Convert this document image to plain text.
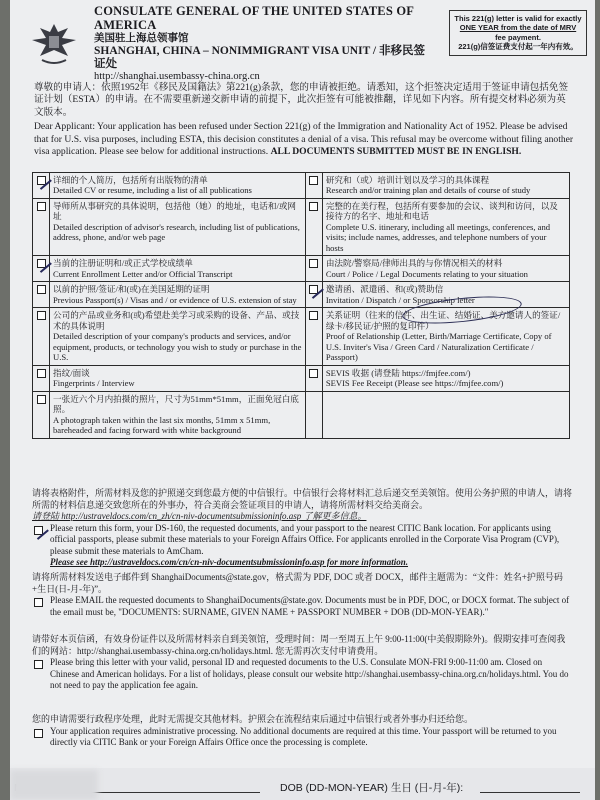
CONSULATE GENERAL OF THE UNITED STATES OF AMERICA
美国驻上海总领事馆
SHANGHAI, CHINA – NONIMMIGRANT VISA UNIT / 非移民签证处
http://shanghai.usembassy-china.org.cn
This 221(g) letter is valid for exactly
ONE YEAR from the date of MRV
fee payment.
221(g)信签证费支付起一年内有效。
尊敬的申请人：依照1952年《移民及国籍法》第221(g)条款，您的申请被拒绝。请悉知，这个拒签决定适用于签证申请包括免签证计划（ESTA）的申请。在不需要重新递交新申请的前提下，此次拒签有可能被推翻，详见如下内容。所有提交材料必须为英文版本。
Dear Applicant: Your application has been refused under Section 221(g) of the Immigration and Nationality Act of 1952. Please be advised that for U.S. visa purposes, including ESTA, this decision constitutes a denial of a visa. This refusal may be overcome without filing another visa application. Please see below for additional instructions. ALL DOCUMENTS SUBMITTED MUST BE IN ENGLISH.

	详细的个人简历，包括所有出版物的清单
Detailed CV or resume, including a list of all publications		研究和（或）培训计划以及学习的具体课程
Research and/or training plan and details of course of study

	导师所从事研究的具体说明，包括他（她）的地址，电话和/或网址
Detailed description of advisor's research, including list of publications, address, phone, and/or web page		完整的在美行程，包括所有要参加的会议、谈判和访问，以及接待方的名字、地址和电话
Complete U.S. itinerary, including all meetings, conferences, and visits; include names, addresses, and telephone numbers of your hosts

	当前的注册证明和/或正式学校成绩单
Current Enrollment Letter and/or Official Transcript		由法院/警察局/律师出具的与你情况相关的材料
Court / Police / Legal Documents relating to your situation

	以前的护照/签证/和(或)在美国延期的证明
Previous Passport(s) / Visas and / or evidence of U.S. extension of stay		邀请函、派遣函、和(或)赞助信
Invitation / Dispatch / or Sponsorship letter

	公司的产品或业务和(或)希望赴美学习或采购的设备、产品、或技术的具体说明
Detailed description of your company's products and services, and/or equipment, products, or technology you wish to study or purchase in the U.S.		关系证明（往来的信件、出生证、结婚证、美方邀请人的签证/绿卡/移民证/护照的复印件）
Proof of Relationship (Letter, Birth/Marriage Certificate, Copy of U.S. Inviter's Visa / Green Card / Naturalization Certificate / Passport)

	指纹/面谈
Fingerprints / Interview		SEVIS 收据 (请登陆 https://fmjfee.com/)
SEVIS Fee Receipt (Please see https://fmjfee.com/)

	一张近六个月内拍摄的照片，尺寸为51mm*51mm，正面免冠白底照。
A photograph taken within the last six months, 51mm x 51mm, bareheaded and facing forward with white background		

请将表格附件，所需材料及您的护照递交到您最方便的中信银行。中信银行会将材料汇总后递交至美领馆。使用公务护照的申请人，请将所需的材料信息递交致您所在的外事办，符合美商会签证项目的申请人，请将所需材料交给美商会。
请登陆 http://ustraveldocs.com/cn_zh/cn-niv-documentsubmissioninfo.asp 了解更多信息。
Please return this form, your DS-160, the requested documents, and your passport to the nearest CITIC Bank location. For applicants using official passports, please submit these materials to your Foreign Affairs Office. For applicants enrolled in the Corporate Visa Program (CVP), please submit these materials to AmCham.
Please see http://ustraveldocs.com/cn/cn-niv-documentsubmissioninfo.asp for more information.
请将所需材料发送电子邮件到 ShanghaiDocuments@state.gov，格式需为 PDF, DOC 或者 DOCX，邮件主题需为：“文件：姓名+护照号码+生日(日-月-年)”。
Please EMAIL the requested documents to ShanghaiDocuments@state.gov. Documents must be in PDF, DOC, or DOCX format. The subject of the email must be, "DOCUMENTS: SURNAME, GIVEN NAME + PASSPORT NUMBER + DOB (DD-MON-YEAR)."
请带好本页信函，有效身份证件以及所需材料亲自到美领馆，受理时间：周一至周五上午 9:00-11:00(中美假期除外)。假期安排可查阅我们的网站：http://shanghai.usembassy-china.org.cn/holidays.html. 您无需再次支付申请费用。
Please bring this letter with your valid, personal ID and requested documents to the U.S. Consulate MON-FRI 9:00-11:00 am. Closed on Chinese and American holidays. For a list of holidays, please consult our website http://shanghai.usembassy-china.org.cn/holidays.html. You do not need to pay the application fee again.
您的申请需要行政程序处理，此时无需提交其他材料。护照会在流程结束后通过中信银行或者外事办归还给您。
Your application requires administrative processing. No additional documents are required at this time. Your passport will be returned to you directly via CITIC Bank or your Foreign Affairs Office once the processing is complete.
DOB (DD-MON-YEAR) 生日 (日-月-年):
